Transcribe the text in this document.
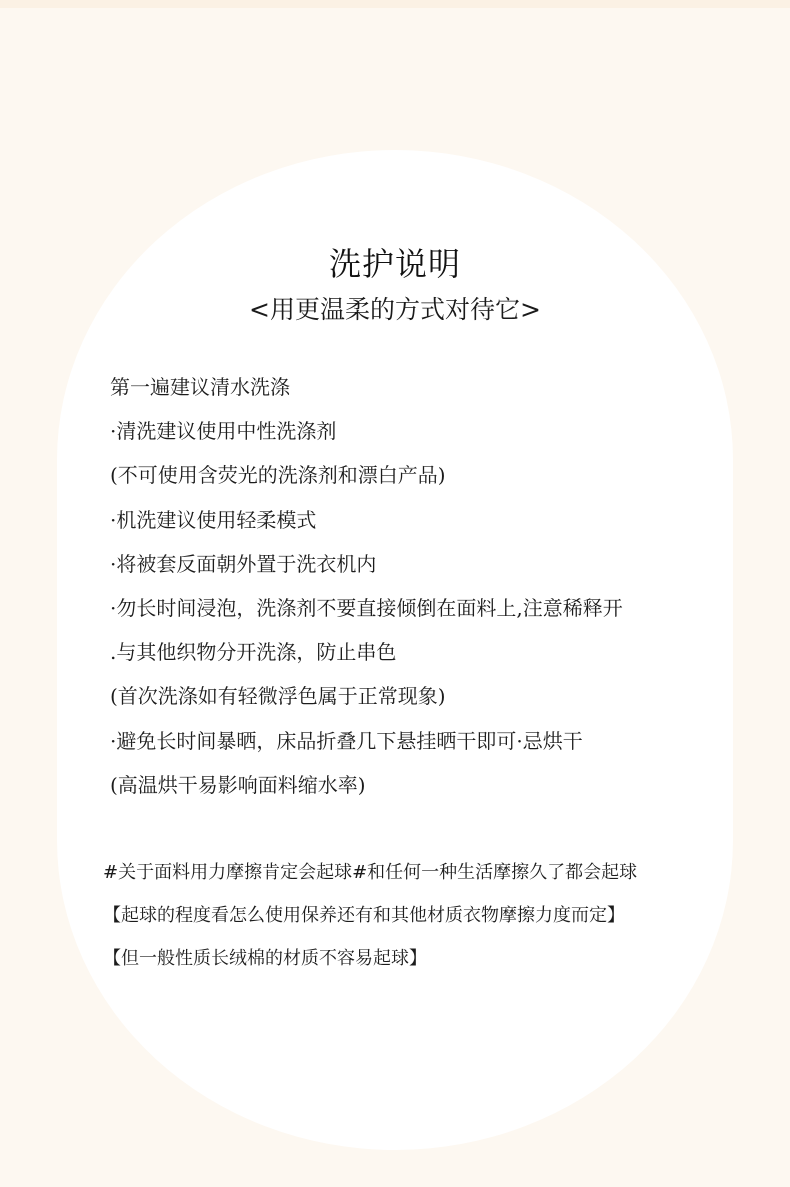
洗护说明
<用更温柔的方式对待它>
第一遍建议清水洗涤
·清洗建议使用中性洗涤剂
(不可使用含荧光的洗涤剂和漂白产品)
·机洗建议使用轻柔模式
·将被套反面朝外置于洗衣机内
·勿长时间浸泡，洗涤剂不要直接倾倒在面料上,注意稀释开
.与其他织物分开洗涤，防止串色
(首次洗涤如有轻微浮色属于正常现象)
·避免长时间暴晒，床品折叠几下悬挂晒干即可·忌烘干
(高温烘干易影响面料缩水率)
#关于面料用力摩擦肯定会起球#和任何一种生活摩擦久了都会起球
【起球的程度看怎么使用保养还有和其他材质衣物摩擦力度而定】
【但一般性质长绒棉的材质不容易起球】
